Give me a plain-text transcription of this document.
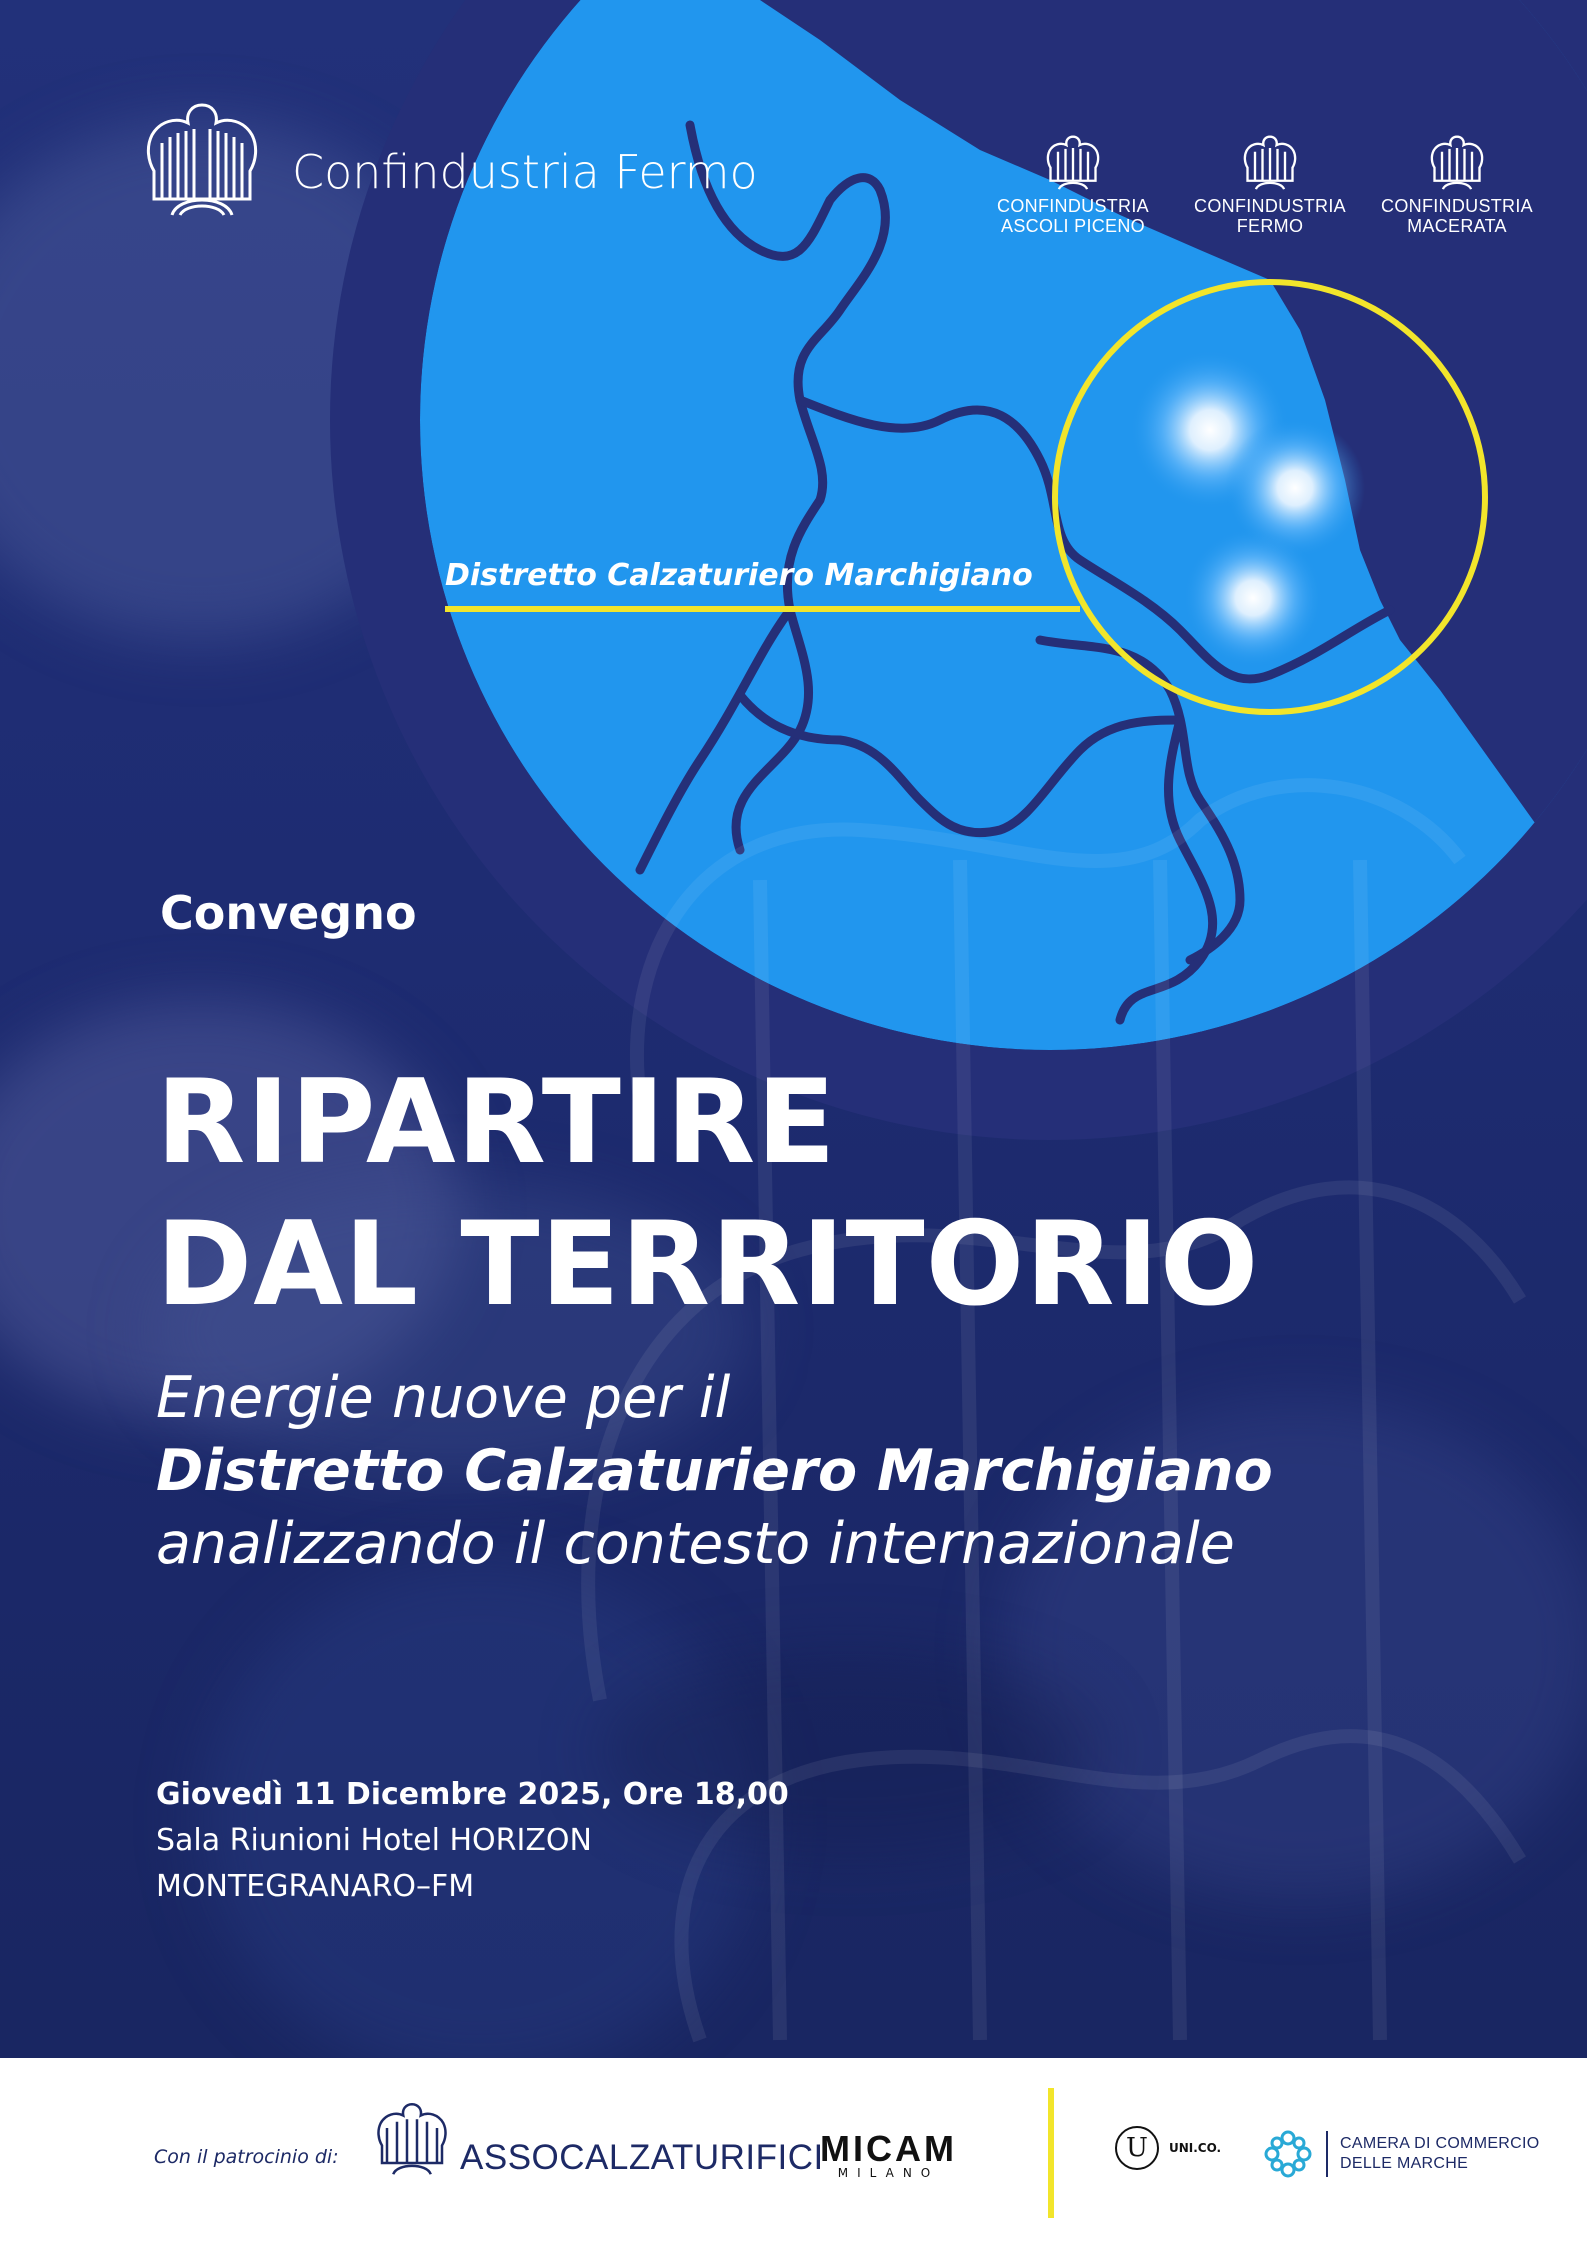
Confindustria Fermo
CONFINDUSTRIA
ASCOLI PICENO
CONFINDUSTRIA
FERMO
CONFINDUSTRIA
MACERATA
Distretto Calzaturiero Marchigiano
Convegno
RIPARTIRE
DAL TERRITORIO
Energie nuove per il
Distretto Calzaturiero Marchigiano
analizzando il contesto internazionale
Giovedì 11 Dicembre 2025, Ore 18,00
Sala Riunioni Hotel HORIZON
MONTEGRANARO–FM
Con il patrocinio di:	ASSOCALZATURIFICI
MICAM
MILANO
U	UNI.CO.	CAMERA DI COMMERCIO
DELLE MARCHE
